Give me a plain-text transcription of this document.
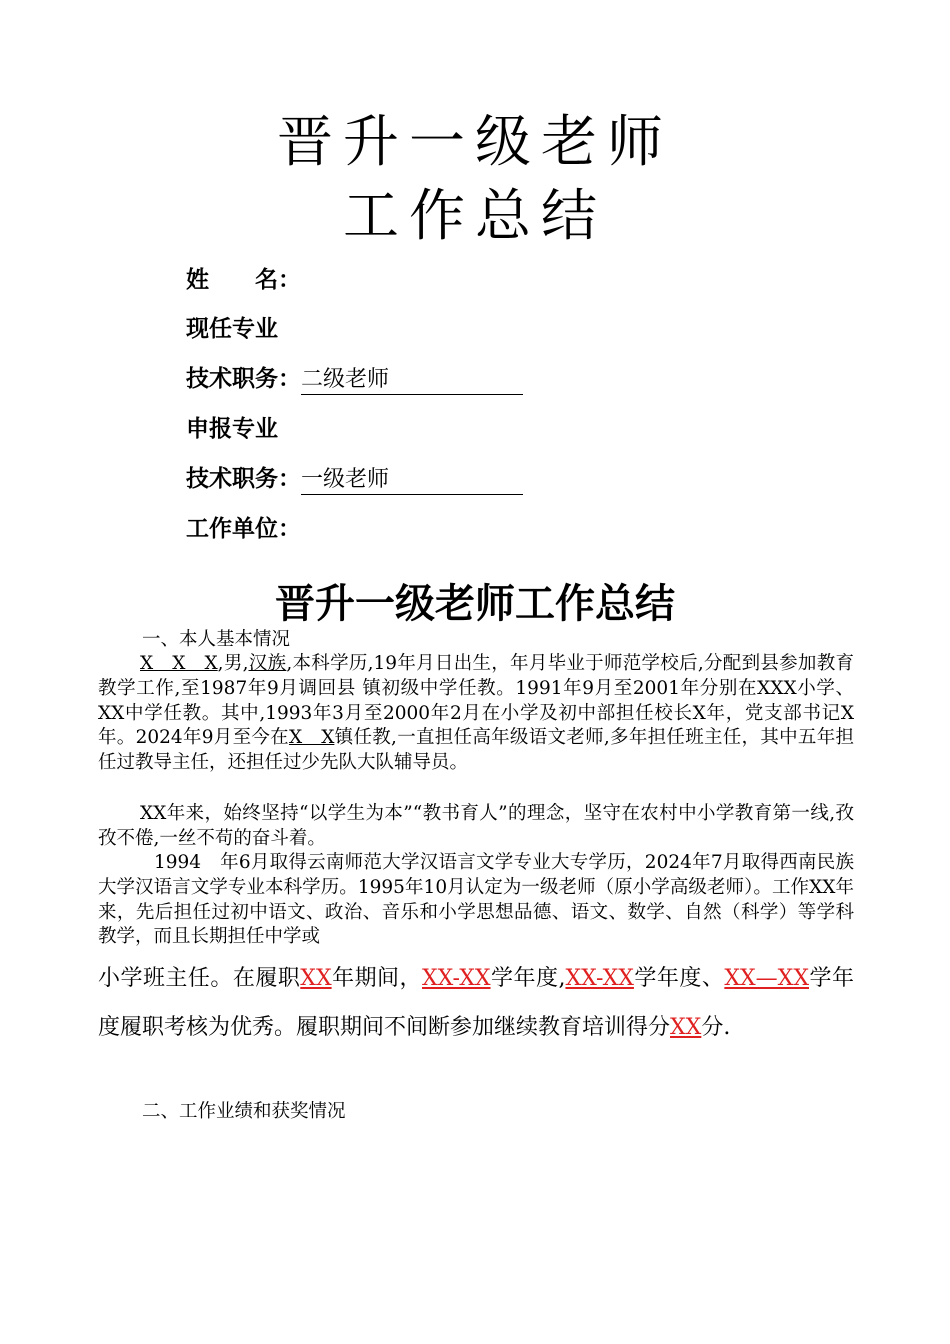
晋升一级老师
工作总结
姓 名：
现任专业
技术职务：二级老师
申报专业
技术职务：一级老师
工作单位：
晋升一级老师工作总结
一、本人基本情况

X　X　X,男,汉族,本科学历,19年月日出生，年月毕业于师范学校后,分配到县参加教育教学工作,至1987年9月调回县 镇初级中学任教。1991年9月至2001年分别在XXX小学、XX中学任教。其中,1993年3月至2000年2月在小学及初中部担任校长X年，党支部书记X年。2024年9月至今在X　X镇任教,一直担任高年级语文老师,多年担任班主任，其中五年担任过教导主任，还担任过少先队大队辅导员。

XX年来，始终坚持“以学生为本”“教书育人”的理念，坚守在农村中小学教育第一线,孜孜不倦,一丝不苟的奋斗着。

1994　年6月取得云南师范大学汉语言文学专业大专学历，2024年7月取得西南民族大学汉语言文学专业本科学历。1995年10月认定为一级老师（原小学高级老师）。工作XX年来，先后担任过初中语文、政治、音乐和小学思想品德、语文、数学、自然（科学）等学科教学，而且长期担任中学或

小学班主任。在履职XX年期间，XX-XX学年度,XX-XX学年度、XX—XX学年度履职考核为优秀。履职期间不间断参加继续教育培训得分XX分.

二、工作业绩和获奖情况
